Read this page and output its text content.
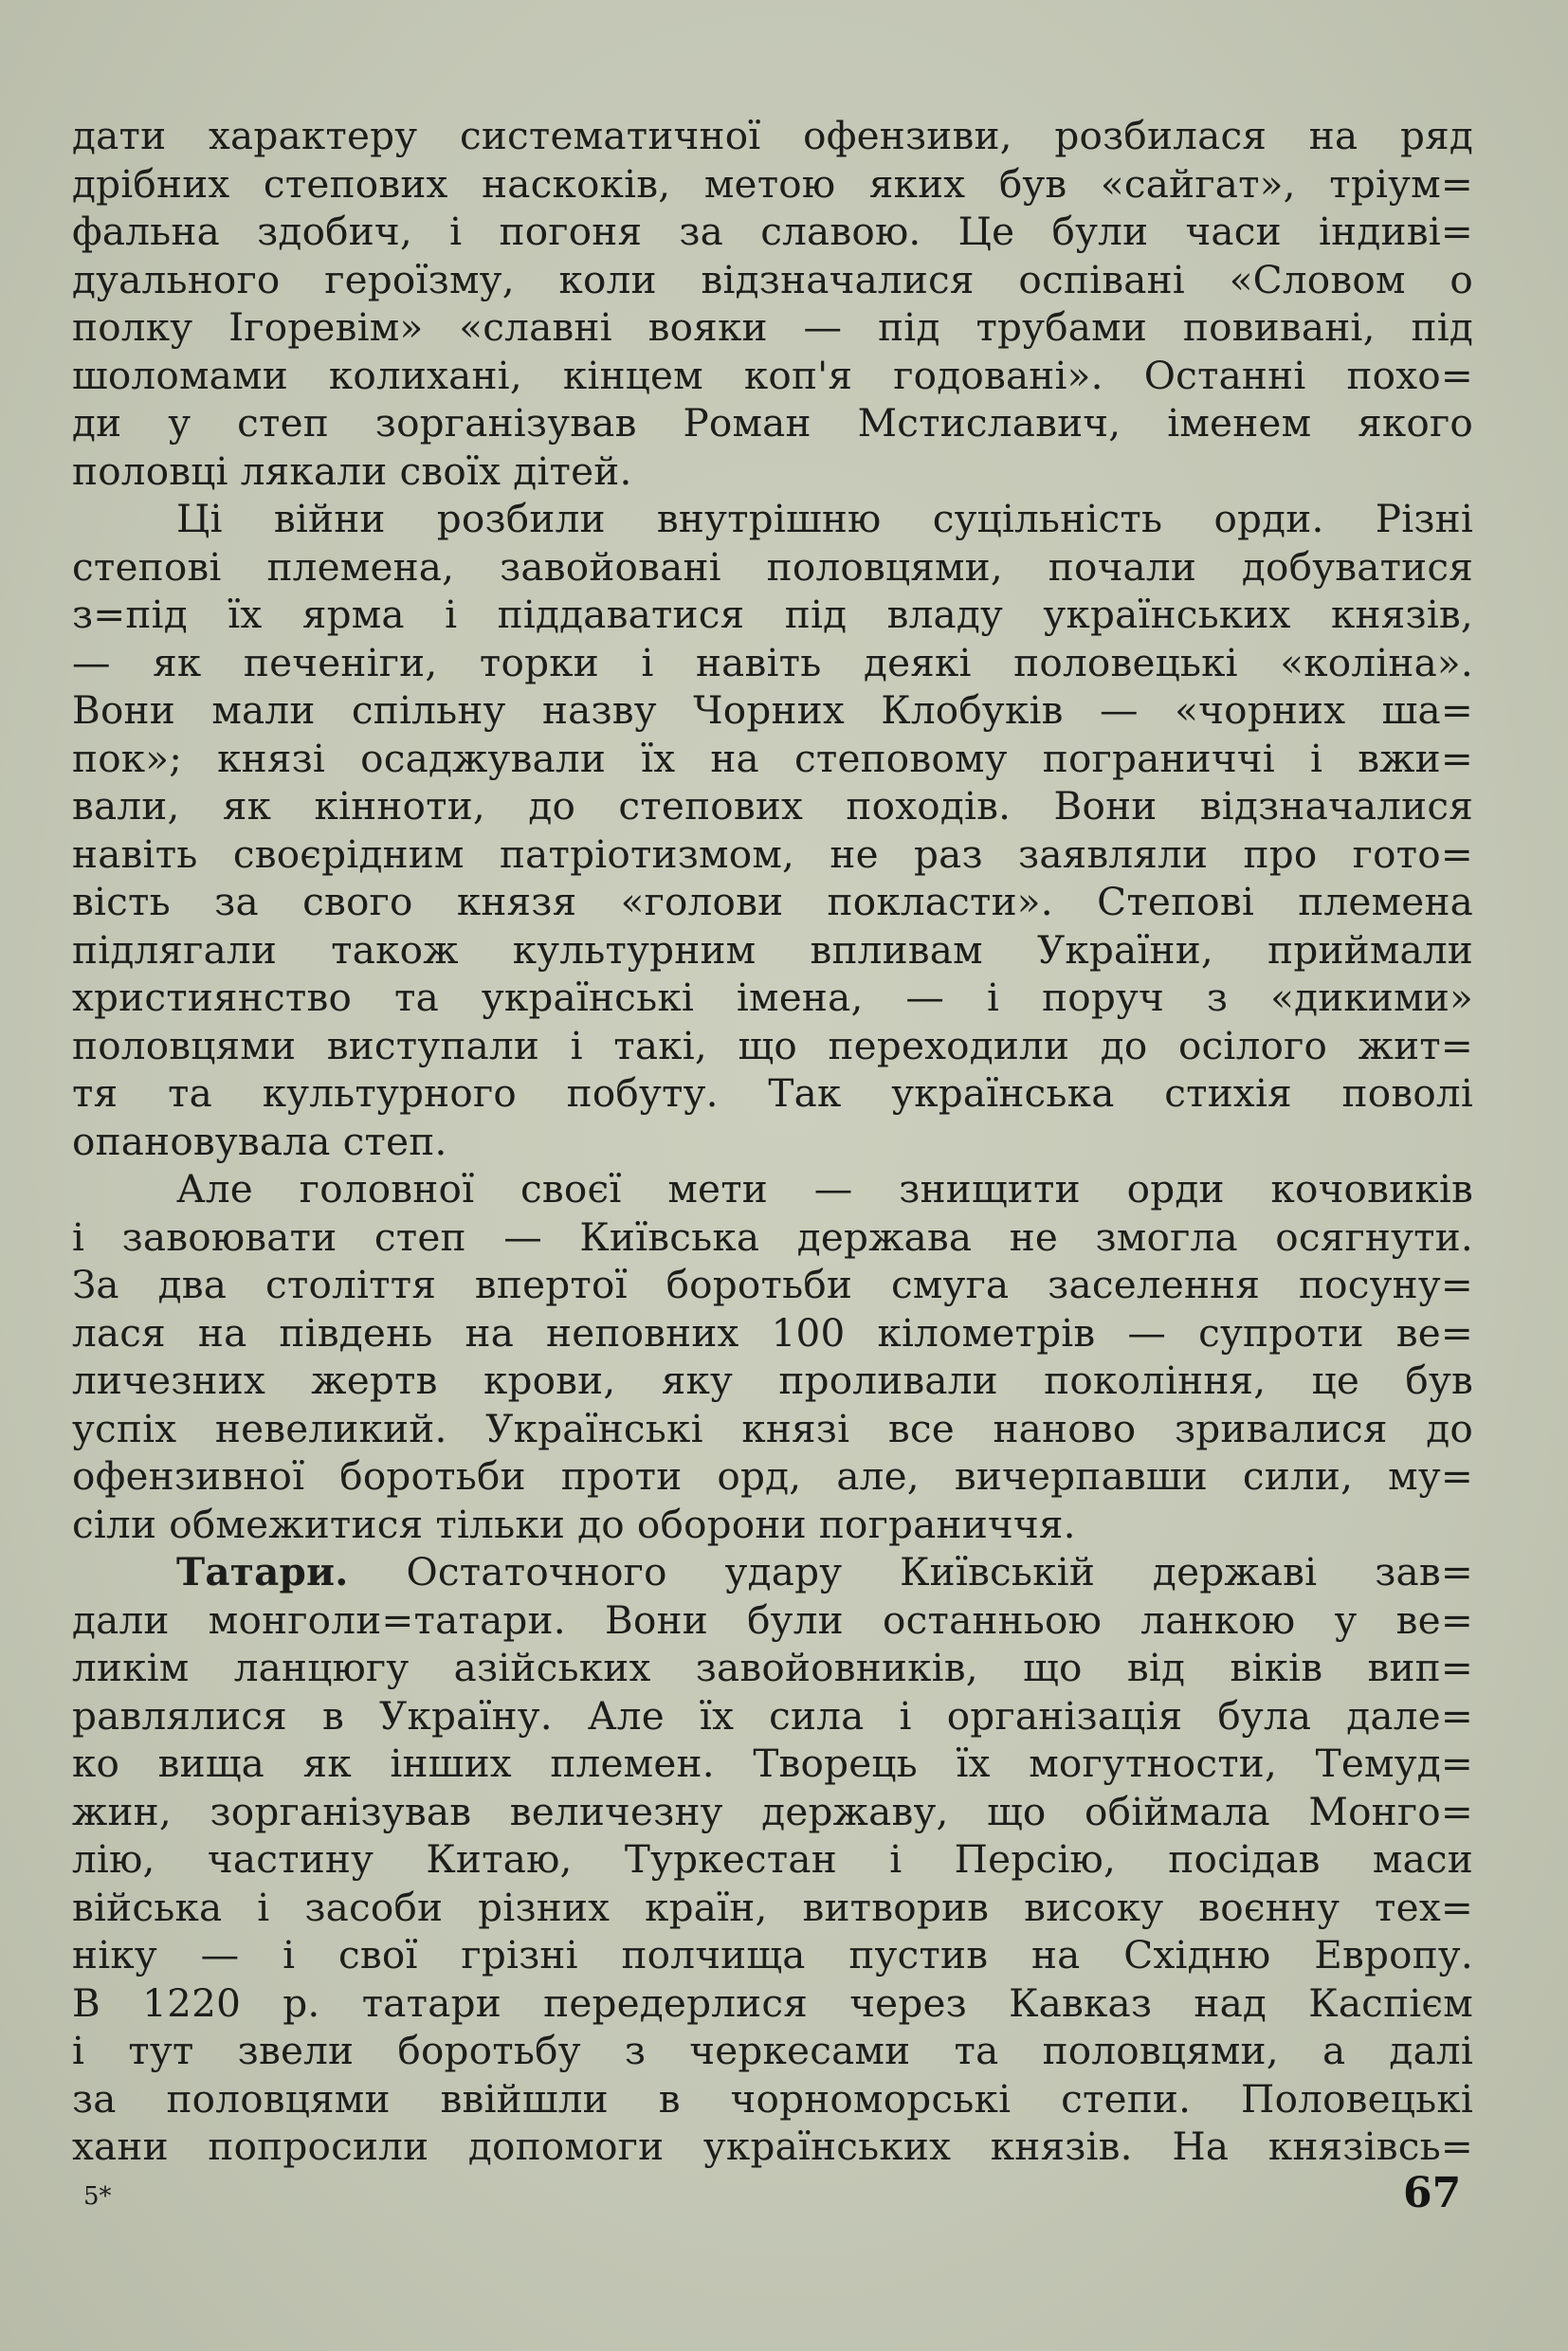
дати характеру систематичної офензиви, розбилася на ряд
дрібних степових наскоків, метою яких був «сайгат», тріум=
фальна здобич, і погоня за славою. Це були часи індиві=
дуального героїзму, коли відзначалися оспівані «Словом о
полку Ігоревім» «славні вояки — під трубами повивані, під
шоломами колихані, кінцем коп'я годовані». Останні похо=
ди у степ зорганізував Роман Мстиславич, іменем якого
половці лякали своїх дітей.
Ці війни розбили внутрішню суцільність орди. Різні
степові племена, завойовані половцями, почали добуватися
з=під їх ярма і піддаватися під владу українських князів,
— як печеніги, торки і навіть деякі половецькі «коліна».
Вони мали спільну назву Чорних Клобуків — «чорних ша=
пок»; князі осаджували їх на степовому пограниччі і вжи=
вали, як кінноти, до степових походів. Вони відзначалися
навіть своєрідним патріотизмом, не раз заявляли про гото=
вість за свого князя «голови покласти». Степові племена
підлягали також культурним впливам України, приймали
християнство та українські імена, — і поруч з «дикими»
половцями виступали і такі, що переходили до осілого жит=
тя та культурного побуту. Так українська стихія поволі
опановувала степ.
Але головної своєї мети — знищити орди кочовиків
і завоювати степ — Київська держава не змогла осягнути.
За два століття впертої боротьби смуга заселення посуну=
лася на південь на неповних 100 кілометрів — супроти ве=
личезних жертв крови, яку проливали покоління, це був
успіх невеликий. Українські князі все наново зривалися до
офензивної боротьби проти орд, але, вичерпавши сили, му=
сіли обмежитися тільки до оборони пограниччя.
Татари. Остаточного удару Київській державі зав=
дали монголи=татари. Вони були останньою ланкою у ве=
ликім ланцюгу азійських завойовників, що від віків вип=
равлялися в Україну. Але їх сила і організація була дале=
ко вища як інших племен. Творець їх могутности, Темуд=
жин, зорганізував величезну державу, що обіймала Монго=
лію, частину Китаю, Туркестан і Персію, посідав маси
війська і засоби різних країн, витворив високу воєнну тех=
ніку — і свої грізні полчища пустив на Східню Европу.
В 1220 р. татари передерлися через Кавказ над Каспієм
і тут звели боротьбу з черкесами та половцями, а далі
за половцями ввійшли в чорноморські степи. Половецькі
хани попросили допомоги українських князів. На князівсь=
5*	67
